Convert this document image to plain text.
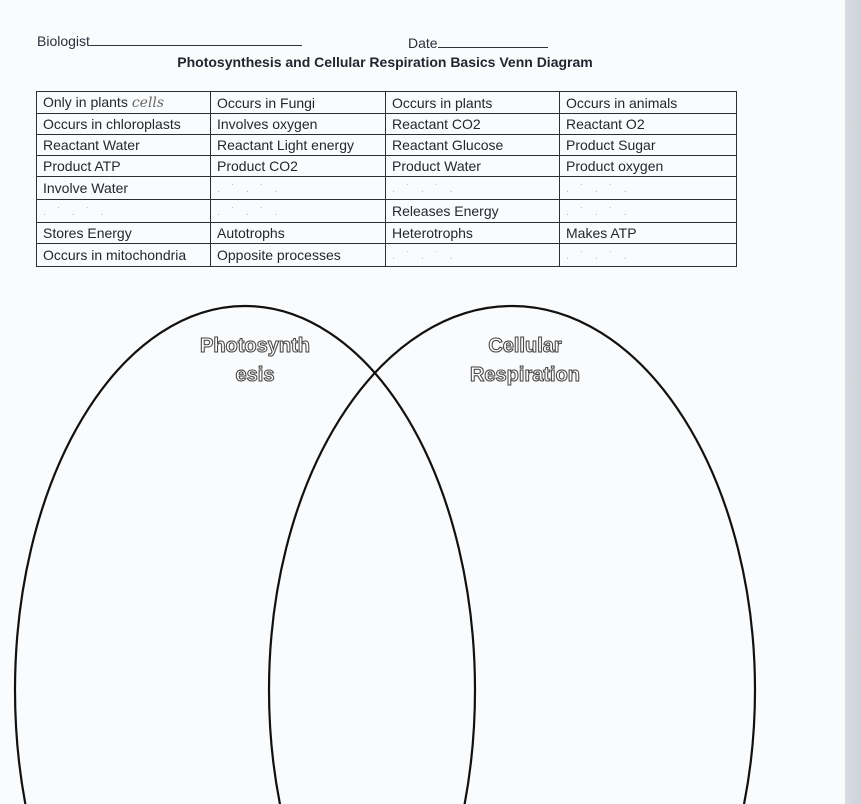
Biologist	Date
Photosynthesis and Cellular Respiration Basics Venn Diagram
Only in plants cells	Occurs in Fungi	Occurs in plants	Occurs in animals
Occurs in chloroplasts	Involves oxygen	Reactant CO2	Reactant O2
Reactant Water	Reactant Light energy	Reactant Glucose	Product Sugar
Product ATP	Product CO2	Product Water	Product oxygen
Involve Water	. ˙ . ˙ .	. ˙ . ˙ .	. ˙ . ˙ .
. ˙ . ˙ .	. ˙ . ˙ .	Releases Energy	. ˙ . ˙ .
Stores Energy	Autotrophs	Heterotrophs	Makes ATP
Occurs in mitochondria	Opposite processes	. ˙ . ˙ .	. ˙ . ˙ .
Photosynth
esis
Cellular
Respiration
